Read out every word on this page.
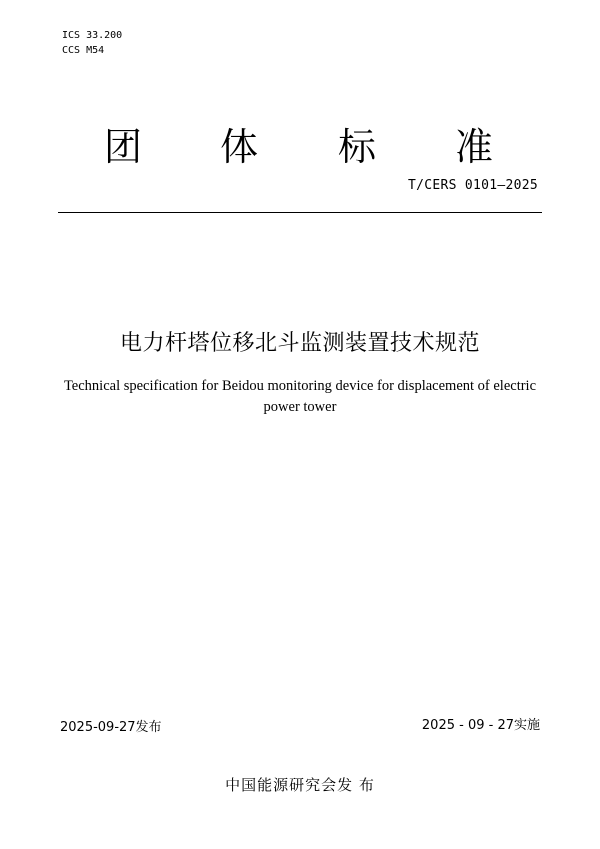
ICS 33.200
CCS M54
团 体 标 准
T/CERS 0101—2025
电力杆塔位移北斗监测装置技术规范
Technical specification for Beidou monitoring device for displacement of electric
power tower
2025-09-27发布	2025 - 09 - 27实施
中国能源研究会发 布
